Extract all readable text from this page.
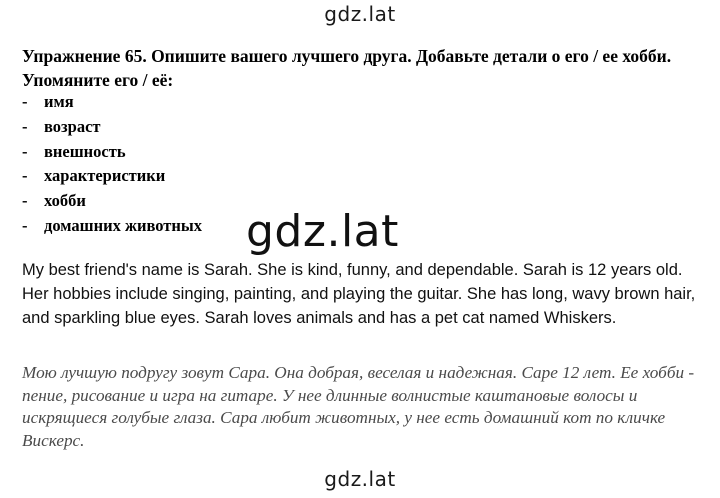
gdz.lat

Упражнение 65. Опишите вашего лучшего друга. Добавьте детали о его / ее хобби. Упомяните его / её:

-	имя
-	возраст
-	внешность
-	характеристики
-	хобби
-	домашних животных gdz.lat

My best friend's name is Sarah. She is kind, funny, and dependable. Sarah is 12 years old. Her hobbies include singing, painting, and playing the guitar. She has long, wavy brown hair, and sparkling blue eyes. Sarah loves animals and has a pet cat named Whiskers.

Мою лучшую подругу зовут Сара. Она добрая, веселая и надежная. Саре 12 лет. Ее хобби - пение, рисование и игра на гитаре. У нее длинные волнистые каштановые волосы и искрящиеся голубые глаза. Сара любит животных, у нее есть домашний кот по кличке Вискерс.

gdz.lat
